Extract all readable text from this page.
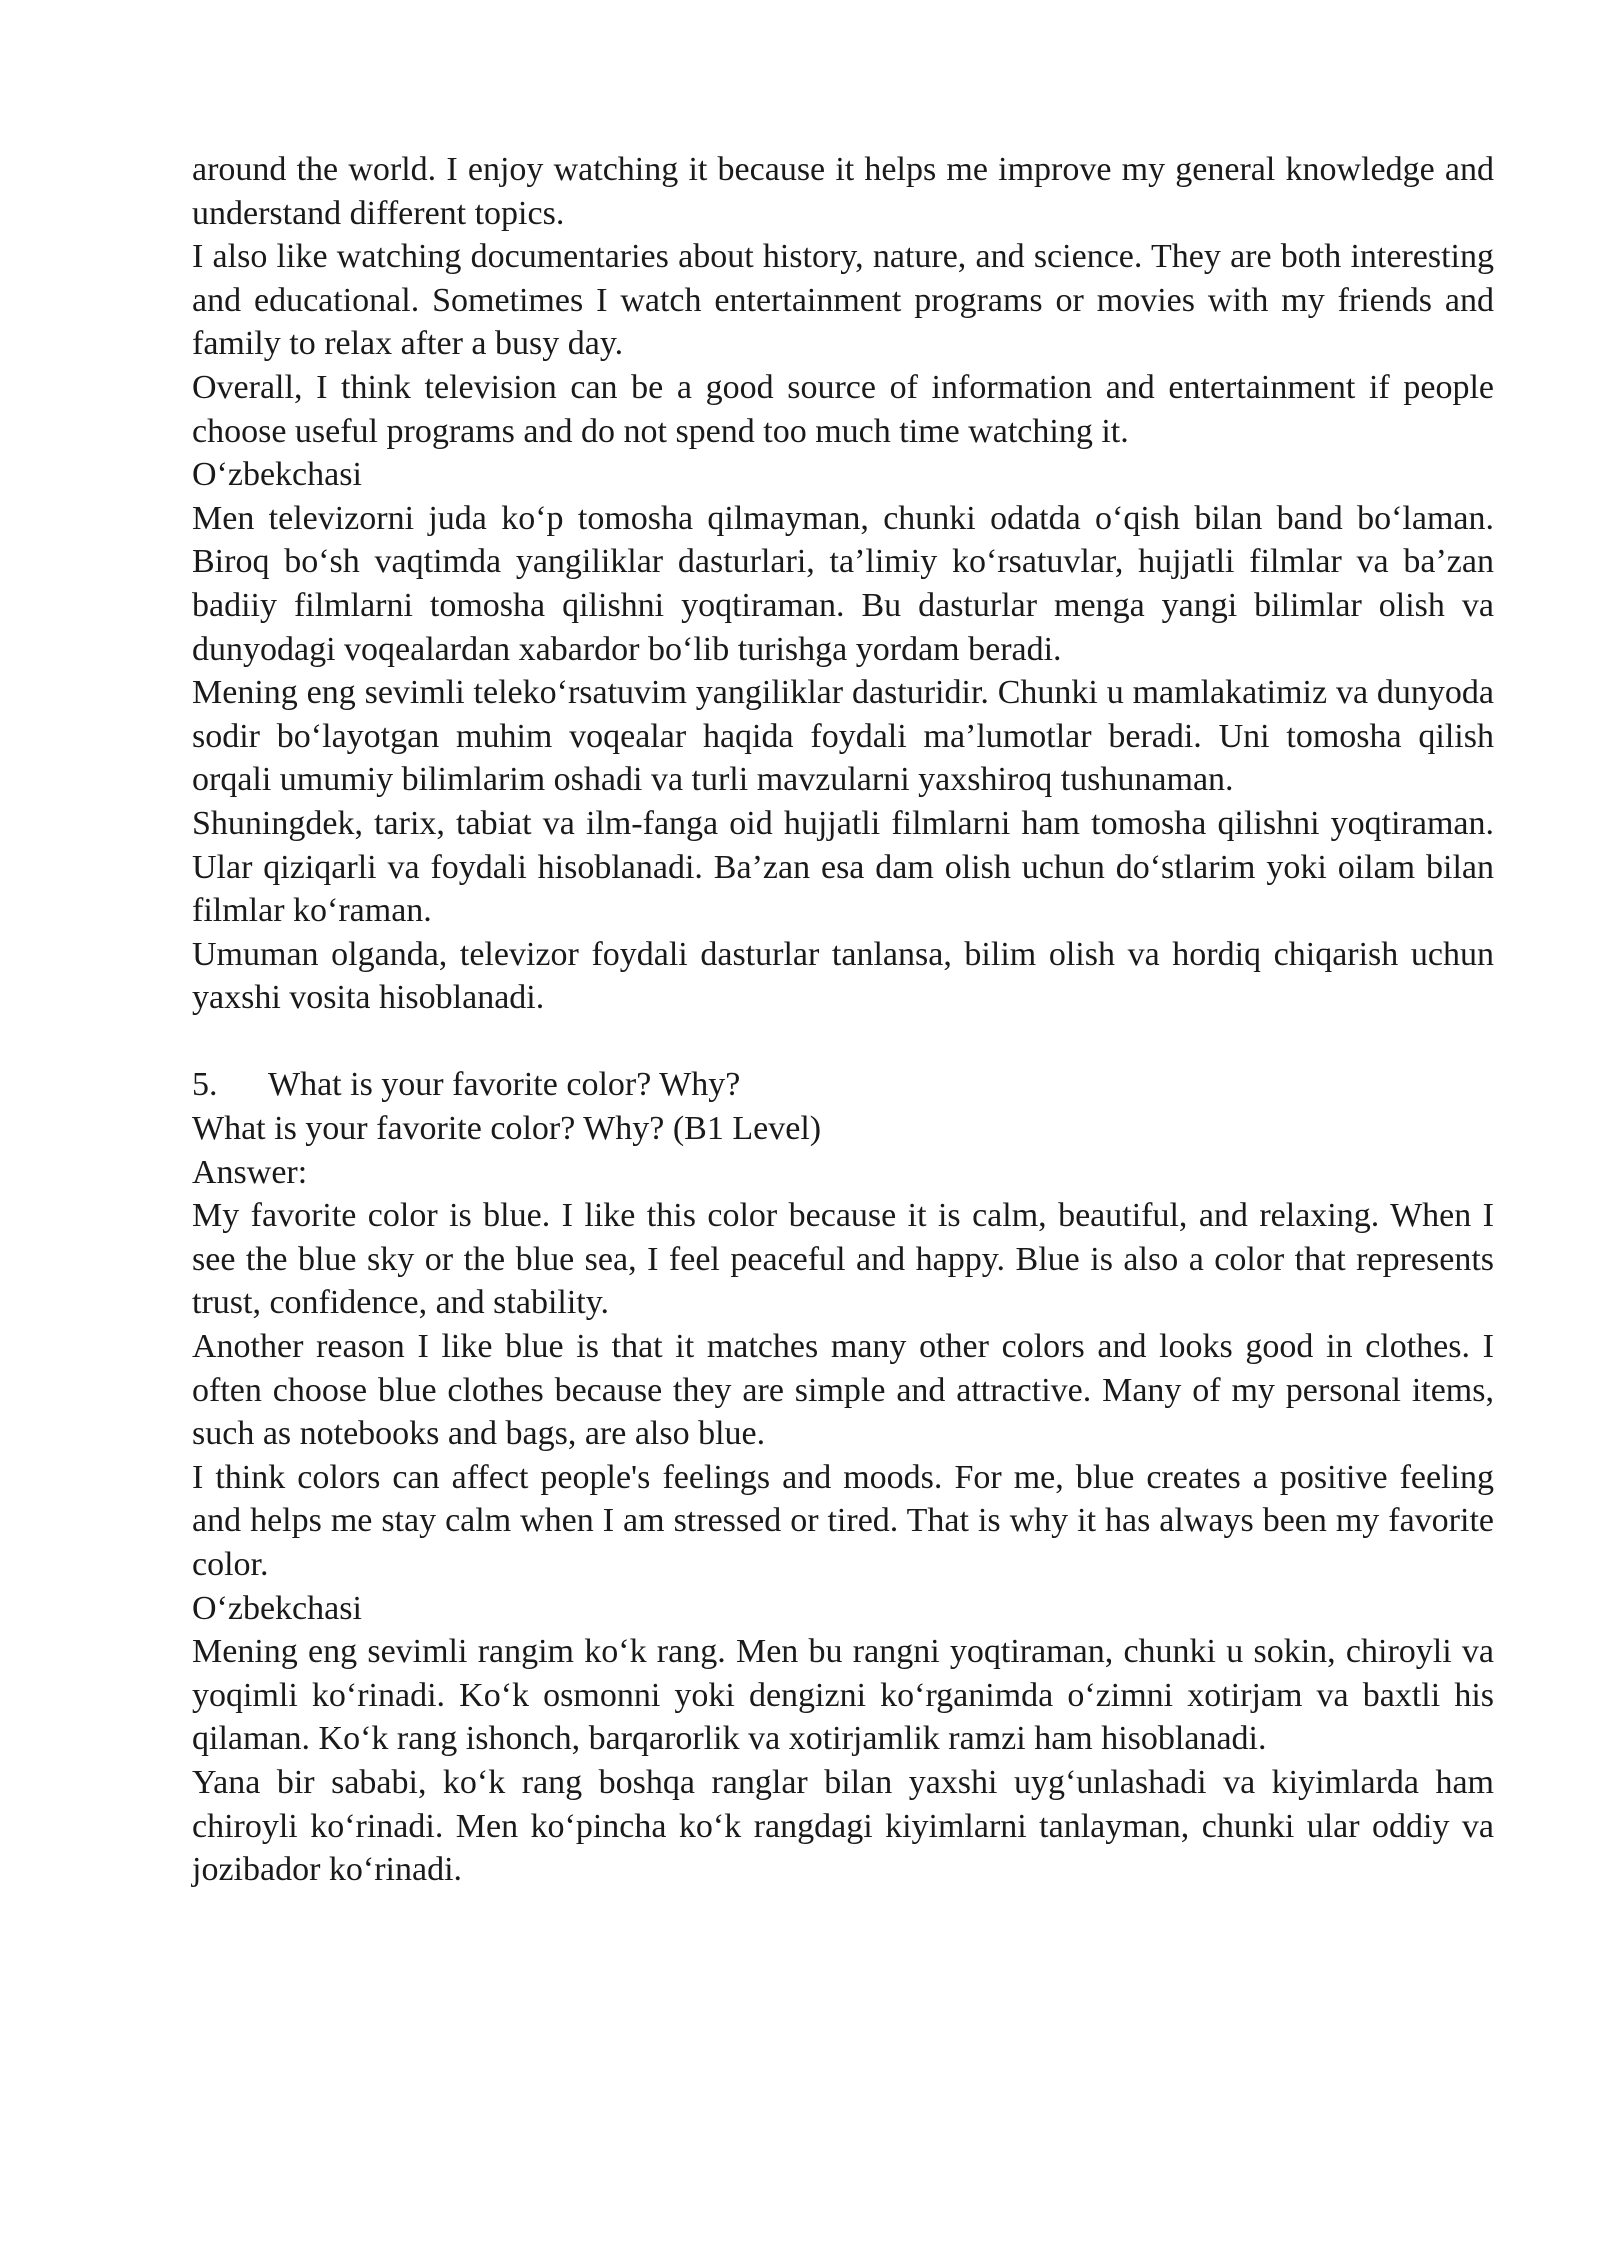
around the world. I enjoy watching it because it helps me improve my general knowledge and understand different topics.

I also like watching documentaries about history, nature, and science. They are both interesting and educational. Sometimes I watch entertainment programs or movies with my friends and family to relax after a busy day.

Overall, I think television can be a good source of information and entertainment if people choose useful programs and do not spend too much time watching it.

O‘zbekchasi

Men televizorni juda ko‘p tomosha qilmayman, chunki odatda o‘qish bilan band bo‘laman. Biroq bo‘sh vaqtimda yangiliklar dasturlari, ta’limiy ko‘rsatuvlar, hujjatli filmlar va ba’zan badiiy filmlarni tomosha qilishni yoqtiraman. Bu dasturlar menga yangi bilimlar olish va dunyodagi voqealardan xabardor bo‘lib turishga yordam beradi.

Mening eng sevimli teleko‘rsatuvim yangiliklar dasturidir. Chunki u mamlakatimiz va dunyoda sodir bo‘layotgan muhim voqealar haqida foydali ma’lumotlar beradi. Uni tomosha qilish orqali umumiy bilimlarim oshadi va turli mavzularni yaxshiroq tushunaman.

Shuningdek, tarix, tabiat va ilm-fanga oid hujjatli filmlarni ham tomosha qilishni yoqtiraman. Ular qiziqarli va foydali hisoblanadi. Ba’zan esa dam olish uchun do‘stlarim yoki oilam bilan filmlar ko‘raman.

Umuman olganda, televizor foydali dasturlar tanlansa, bilim olish va hordiq chiqarish uchun yaxshi vosita hisoblanadi.

5.	What is your favorite color? Why?

What is your favorite color? Why? (B1 Level)

Answer:

My favorite color is blue. I like this color because it is calm, beautiful, and relaxing. When I see the blue sky or the blue sea, I feel peaceful and happy. Blue is also a color that represents trust, confidence, and stability.

Another reason I like blue is that it matches many other colors and looks good in clothes. I often choose blue clothes because they are simple and attractive. Many of my personal items, such as notebooks and bags, are also blue.

I think colors can affect people's feelings and moods. For me, blue creates a positive feeling and helps me stay calm when I am stressed or tired. That is why it has always been my favorite color.

O‘zbekchasi

Mening eng sevimli rangim ko‘k rang. Men bu rangni yoqtiraman, chunki u sokin, chiroyli va yoqimli ko‘rinadi. Ko‘k osmonni yoki dengizni ko‘rganimda o‘zimni xotirjam va baxtli his qilaman. Ko‘k rang ishonch, barqarorlik va xotirjamlik ramzi ham hisoblanadi.

Yana bir sababi, ko‘k rang boshqa ranglar bilan yaxshi uyg‘unlashadi va kiyimlarda ham chiroyli ko‘rinadi. Men ko‘pincha ko‘k rangdagi kiyimlarni tanlayman, chunki ular oddiy va jozibador ko‘rinadi.
